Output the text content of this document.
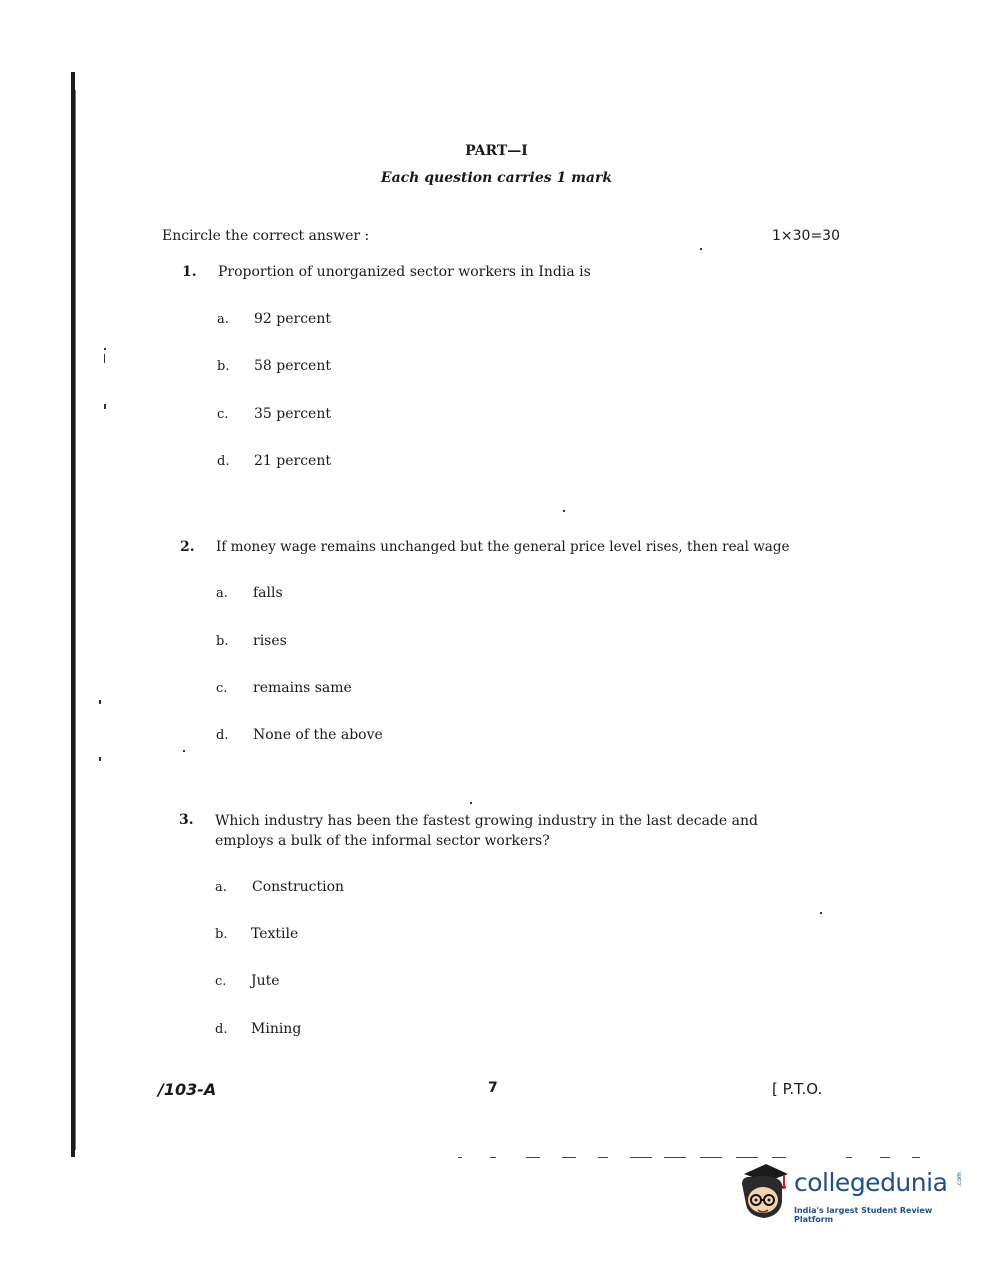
PART—I
Each question carries 1 mark
Encircle the correct answer :	1×30=30
1. Proportion of unorganized sector workers in India is
a. 92 percent
b. 58 percent
c. 35 percent
d. 21 percent
2. If money wage remains unchanged but the general price level rises, then real wage
a. falls
b. rises
c. remains same
d. None of the above
3. Which industry has been the fastest growing industry in the last decade and
employs a bulk of the informal sector workers?
a. Construction
b. Textile
c. Jute
d. Mining
/103-A	7	[ P.T.O.
collegedunia .com
India's largest Student Review Platform
